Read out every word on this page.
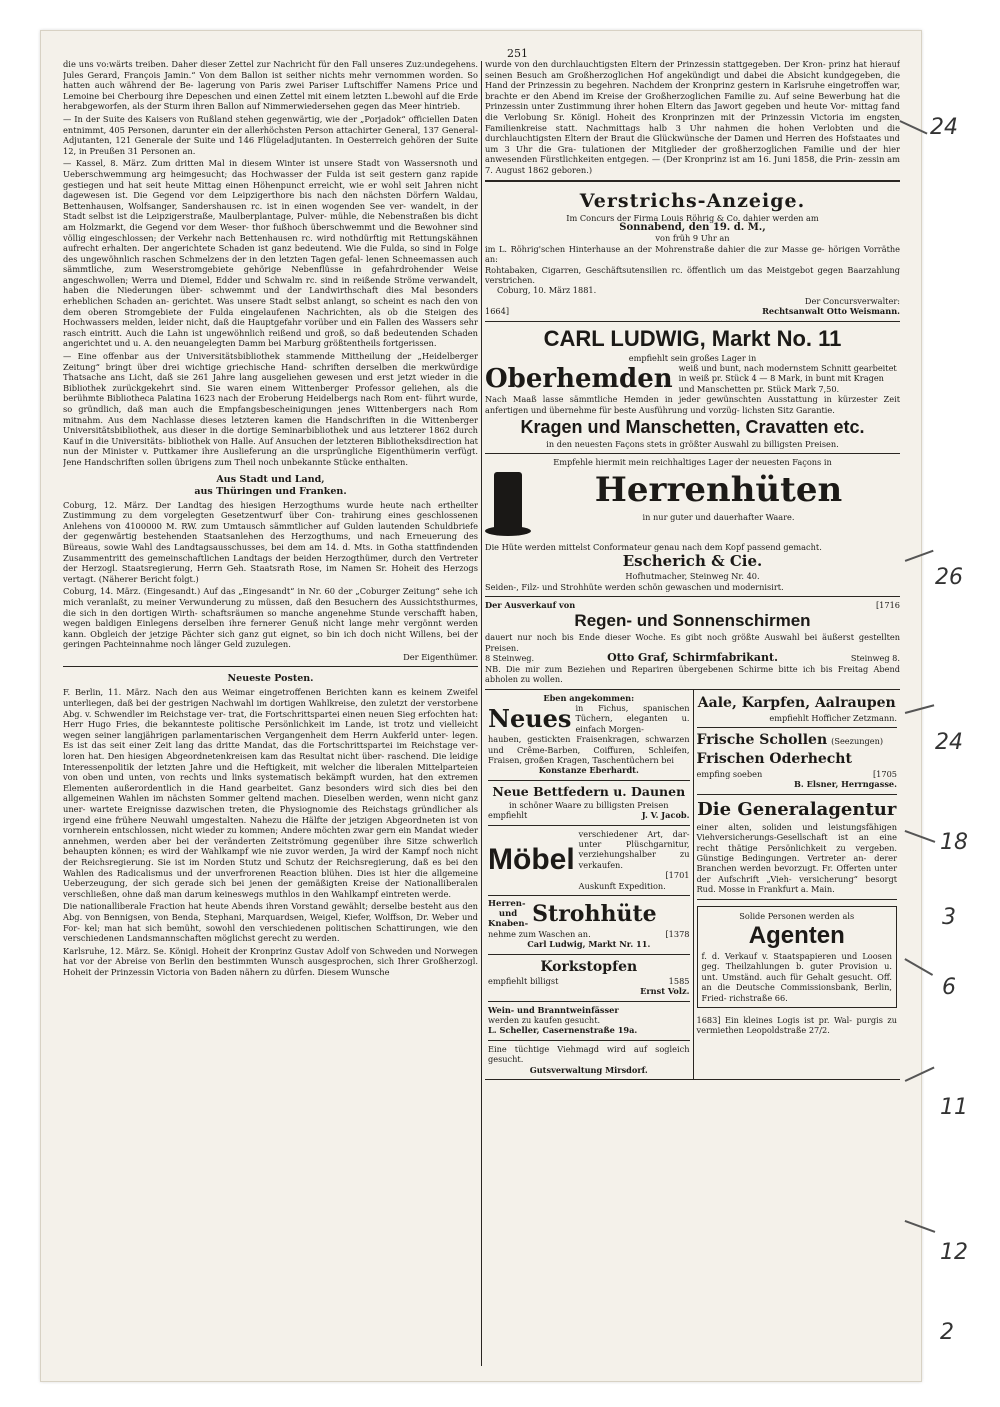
251

die uns vo:wärts treiben. Daher dieser Zettel zur Nachricht für den Fall unseres Zuz:undegehens. Jules Gerard, François Jamin.“ Von dem Ballon ist seither nichts mehr vernommen worden. So hatten auch während der Be- lagerung von Paris zwei Pariser Luftschiffer Namens Price und Lemoine bei Cherbourg ihre Depeschen und einen Zettel mit einem letzten L.bewohl auf die Erde herabgeworfen, als der Sturm ihren Ballon auf Nimmerwiedersehen gegen das Meer hintrieb.

— In der Suite des Kaisers von Rußland stehen gegenwärtig, wie der „Porjadok“ officiellen Daten entnimmt, 405 Personen, darunter ein der allerhöchsten Person attachirter General, 137 General-Adjutanten, 121 Generale der Suite und 146 Flügeladjutanten. In Oesterreich gehören der Suite 12, in Preußen 31 Personen an.

— Kassel, 8. März. Zum dritten Mal in diesem Winter ist unsere Stadt von Wassersnoth und Ueberschwemmung arg heimgesucht; das Hochwasser der Fulda ist seit gestern ganz rapide gestiegen und hat seit heute Mittag einen Höhenpunct erreicht, wie er wohl seit Jahren nicht dagewesen ist. Die Gegend vor dem Leipzigerthore bis nach den nächsten Dörfern Waldau, Bettenhausen, Wolfsanger, Sandershausen rc. ist in einen wogenden See ver- wandelt, in der Stadt selbst ist die Leipzigerstraße, Maulberplantage, Pulver- mühle, die Nebenstraßen bis dicht am Holzmarkt, die Gegend vor dem Weser- thor fußhoch überschwemmt und die Bewohner sind völlig eingeschlossen; der Verkehr nach Bettenhausen rc. wird nothdürftig mit Rettungskähnen aufrecht erhalten. Der angerichtete Schaden ist ganz bedeutend. Wie die Fulda, so sind in Folge des ungewöhnlich raschen Schmelzens der in den letzten Tagen gefal- lenen Schneemassen auch sämmtliche, zum Weserstromgebiete gehörige Nebenflüsse in gefahrdrohender Weise angeschwollen; Werra und Diemel, Edder und Schwalm rc. sind in reißende Ströme verwandelt, haben die Niederungen über- schwemmt und der Landwirthschaft dies Mal besonders erheblichen Schaden an- gerichtet. Was unsere Stadt selbst anlangt, so scheint es nach den von dem oberen Stromgebiete der Fulda eingelaufenen Nachrichten, als ob die Steigen des Hochwassers melden, leider nicht, daß die Hauptgefahr vorüber und ein Fallen des Wassers sehr rasch eintritt. Auch die Lahn ist ungewöhnlich reißend und groß, so daß bedeutenden Schaden angerichtet und u. A. den neuangelegten Damm bei Marburg größtentheils fortgerissen.

— Eine offenbar aus der Universitätsbibliothek stammende Mittheilung der „Heidelberger Zeitung“ bringt über drei wichtige griechische Hand- schriften derselben die merkwürdige Thatsache ans Licht, daß sie 261 Jahre lang ausgeliehen gewesen und erst jetzt wieder in die Bibliothek zurückgekehrt sind. Sie waren einem Wittenberger Professor geliehen, als die berühmte Bibliotheca Palatina 1623 nach der Eroberung Heidelbergs nach Rom ent- führt wurde, so gründlich, daß man auch die Empfangsbescheinigungen jenes Wittenbergers nach Rom mitnahm. Aus dem Nachlasse dieses letzteren kamen die Handschriften in die Wittenberger Universitätsbibliothek, aus dieser in die dortige Seminarbibliothek und aus letzterer 1862 durch Kauf in die Universitäts- bibliothek von Halle. Auf Ansuchen der letzteren Bibliotheksdirection hat nun der Minister v. Puttkamer ihre Auslieferung an die ursprüngliche Eigenthümerin verfügt. Jene Handschriften sollen übrigens zum Theil noch unbekannte Stücke enthalten.

Aus Stadt und Land,
aus Thüringen und Franken.

Coburg, 12. März. Der Landtag des hiesigen Herzogthums wurde heute nach ertheilter Zustimmung zu dem vorgelegten Gesetzentwurf über Con- trahirung eines geschlossenen Anlehens von 4100000 M. RW. zum Umtausch sämmtlicher auf Gulden lautenden Schuldbriefe der gegenwärtig bestehenden Staatsanlehen des Herzogthums, und nach Erneuerung des Büreaus, sowie Wahl des Landtagsausschusses, bei dem am 14. d. Mts. in Gotha stattfindenden Zusammentritt des gemeinschaftlichen Landtags der beiden Herzogthümer, durch den Vertreter der Herzogl. Staatsregierung, Herrn Geh. Staatsrath Rose, im Namen Sr. Hoheit des Herzogs vertagt. (Näherer Bericht folgt.)

Coburg, 14. März. (Eingesandt.) Auf das „Eingesandt“ in Nr. 60 der „Coburger Zeitung“ sehe ich mich veranlaßt, zu meiner Verwunderung zu müssen, daß den Besuchern des Aussichtsthurmes, die sich in den dortigen Wirth- schaftsräumen so manche angenehme Stunde verschafft haben, wegen baldigen Einlegens derselben ihre fernerer Genuß nicht lange mehr vergönnt werden kann. Obgleich der jetzige Pächter sich ganz gut eignet, so bin ich doch nicht Willens, bei der geringen Pachteinnahme noch länger Geld zuzulegen.

Der Eigenthümer.
Neueste Posten.

F. Berlin, 11. März. Nach den aus Weimar eingetroffenen Berichten kann es keinem Zweifel unterliegen, daß bei der gestrigen Nachwahl im dortigen Wahlkreise, den zuletzt der verstorbene Abg. v. Schwendler im Reichstage ver- trat, die Fortschrittspartei einen neuen Sieg erfochten hat: Herr Hugo Fries, die bekannteste politische Persönlichkeit im Lande, ist trotz und vielleicht wegen seiner langjährigen parlamentarischen Vergangenheit dem Herrn Aukferld unter- legen. Es ist das seit einer Zeit lang das dritte Mandat, das die Fortschrittspartei im Reichstage ver- loren hat. Den hiesigen Abgeordnetenkreisen kam das Resultat nicht über- raschend. Die leidige Interessenpolitik der letzten Jahre und die Heftigkeit, mit welcher die liberalen Mittelparteien von oben und unten, von rechts und links systematisch bekämpft wurden, hat den extremen Elementen außerordentlich in die Hand gearbeitet. Ganz besonders wird sich dies bei den allgemeinen Wahlen im nächsten Sommer geltend machen. Dieselben werden, wenn nicht ganz uner- wartete Ereignisse dazwischen treten, die Physiognomie des Reichstags gründlicher als irgend eine frühere Neuwahl umgestalten. Nahezu die Hälfte der jetzigen Abgeordneten ist von vornherein entschlossen, nicht wieder zu kommen; Andere möchten zwar gern ein Mandat wieder annehmen, werden aber bei der veränderten Zeitströmung gegenüber ihre Sitze schwerlich behaupten können; es wird der Wahlkampf wie nie zuvor werden, Ja wird der Kampf noch nicht der Reichsregierung. Sie ist im Norden Stutz und Schutz der Reichsregierung, daß es bei den Wahlen des Radicalismus und der unverfrorenen Reaction blühen. Dies ist hier die allgemeine Ueberzeugung, der sich gerade sich bei jenen der gemäßigten Kreise der Nationalliberalen verschließen, ohne daß man darum keineswegs muthlos in den Wahlkampf eintreten werde.

Die nationalliberale Fraction hat heute Abends ihren Vorstand gewählt; derselbe besteht aus den Abg. von Bennigsen, von Benda, Stephani, Marquardsen, Weigel, Kiefer, Wolffson, Dr. Weber und For- kel; man hat sich bemüht, sowohl den verschiedenen politischen Schattirungen, wie den verschiedenen Landsmannschaften möglichst gerecht zu werden.

Karlsruhe, 12. März. Se. Königl. Hoheit der Kronprinz Gustav Adolf von Schweden und Norwegen hat vor der Abreise von Berlin den bestimmten Wunsch ausgesprochen, sich Ihrer Großherzogl. Hoheit der Prinzessin Victoria von Baden nähern zu dürfen. Diesem Wunsche

wurde von den durchlauchtigsten Eltern der Prinzessin stattgegeben. Der Kron- prinz hat hierauf seinen Besuch am Großherzoglichen Hof angekündigt und dabei die Absicht kundgegeben, die Hand der Prinzessin zu begehren. Nachdem der Kronprinz gestern in Karlsruhe eingetroffen war, brachte er den Abend im Kreise der Großherzoglichen Familie zu. Auf seine Bewerbung hat die Prinzessin unter Zustimmung ihrer hohen Eltern das Jawort gegeben und heute Vor- mittag fand die Verlobung Sr. Königl. Hoheit des Kronprinzen mit der Prinzessin Victoria im engsten Familienkreise statt. Nachmittags halb 3 Uhr nahmen die hohen Verlobten und die durchlauchtigsten Eltern der Braut die Glückwünsche der Damen und Herren des Hofstaates und um 3 Uhr die Gra- tulationen der Mitglieder der großherzoglichen Familie und der hier anwesenden Fürstlichkeiten entgegen. — (Der Kronprinz ist am 16. Juni 1858, die Prin- zessin am 7. August 1862 geboren.)

Verstrichs-Anzeige.

Im Concurs der Firma Louis Röhrig & Co. dahier werden am

Sonnabend, den 19. d. M.,

von früh 9 Uhr an

im L. Röhrig'schen Hinterhause an der Mohrenstraße dahier die zur Masse ge- hörigen Vorräthe an:

Rohtabaken, Cigarren, Geschäftsutensilien rc. öffentlich um das Meistgebot gegen Baarzahlung verstrichen.

Coburg, 10. März 1881.

Der Concursverwalter:

1664]	Rechtsanwalt Otto Weismann.
CARL LUDWIG, Markt No. 11

empfiehlt sein großes Lager in

Oberhemden weiß und bunt, nach modernstem Schnitt gearbeitet

in weiß pr. Stück 4 — 8 Mark, in bunt mit Kragen

und Manschetten pr. Stück Mark 7,50.

Nach Maaß lasse sämmtliche Hemden in jeder gewünschten Ausstattung in kürzester Zeit anfertigen und übernehme für beste Ausführung und vorzüg- lichsten Sitz Garantie.

Kragen und Manschetten, Cravatten etc.

in den neuesten Façons stets in größter Auswahl zu billigsten Preisen.

Empfehle hiermit mein reichhaltiges Lager der neuesten Façons in

Herrenhüten

in nur guter und dauerhafter Waare.

Die Hüte werden mittelst Conformateur genau nach dem Kopf passend gemacht.

Escherich & Cie.

Hofhutmacher, Steinweg Nr. 40.

Seiden-, Filz- und Strohhüte werden schön gewaschen und modernisirt.

Der Ausverkauf von	[1716
Regen- und Sonnenschirmen

dauert nur noch bis Ende dieser Woche. Es gibt noch größte Auswahl bei äußerst gestellten Preisen.

8 Steinweg.	Otto Graf, Schirmfabrikant.	Steinweg 8.

NB. Die mir zum Beziehen und Repariren übergebenen Schirme bitte ich bis Freitag Abend abholen zu wollen.

Eben angekommen:

Neues in Fichus, spanischen Tüchern, eleganten u. einfach Morgen-

hauben, gestickten Fraisenkragen, schwarzen und Crême-Barben, Coiffuren, Schleifen, Fraisen, großen Kragen, Taschentüchern bei

Konstanze Eberhardt.

Neue Bettfedern u. Daunen

in schöner Waare zu billigsten Preisen

empfiehlt	J. V. Jacob.
Möbel

verschiedener Art, dar- unter Plüschgarnitur, verziehungshalber zu verkaufen.

[1701

Auskunft Expedition.

Herren-
und
Knaben- Strohhüte
nehme zum Waschen an.	[1378

Carl Ludwig, Markt Nr. 11.

Korkstopfen
empfiehlt billigst	1585

Ernst Volz.

Wein- und Branntweinfässer

werden zu kaufen gesucht.

L. Scheller, Casernenstraße 19a.

Eine tüchtige Viehmagd wird auf sogleich gesucht.

Gutsverwaltung Mirsdorf.

Aale, Karpfen, Aalraupen

empfiehlt Hofficher Zetzmann.

Frische Schollen (Seezungen)
Frischen Oderhecht
empfing soeben	[1705

B. Elsner, Herrngasse.

Die Generalagentur

einer alten, soliden und leistungsfähigen Viehversicherungs-Gesellschaft ist an eine recht thätige Persönlichkeit zu vergeben. Günstige Bedingungen. Vertreter an- derer Branchen werden bevorzugt. Fr. Offerten unter der Aufschrift „Vieh- versicherung“ besorgt Rud. Mosse in Frankfurt a. Main.

Solide Personen werden als

Agenten

f. d. Verkauf v. Staatspapieren und Loosen geg. Theilzahlungen b. guter Provision u. unt. Umständ. auch für Gehalt gesucht. Off. an die Deutsche Commissionsbank, Berlin, Fried- richstraße 66.

1683] Ein kleines Logis ist pr. Wal- purgis zu vermiethen Leopoldstraße 27/2.

24
26
24
18
3
6
11
12
2
